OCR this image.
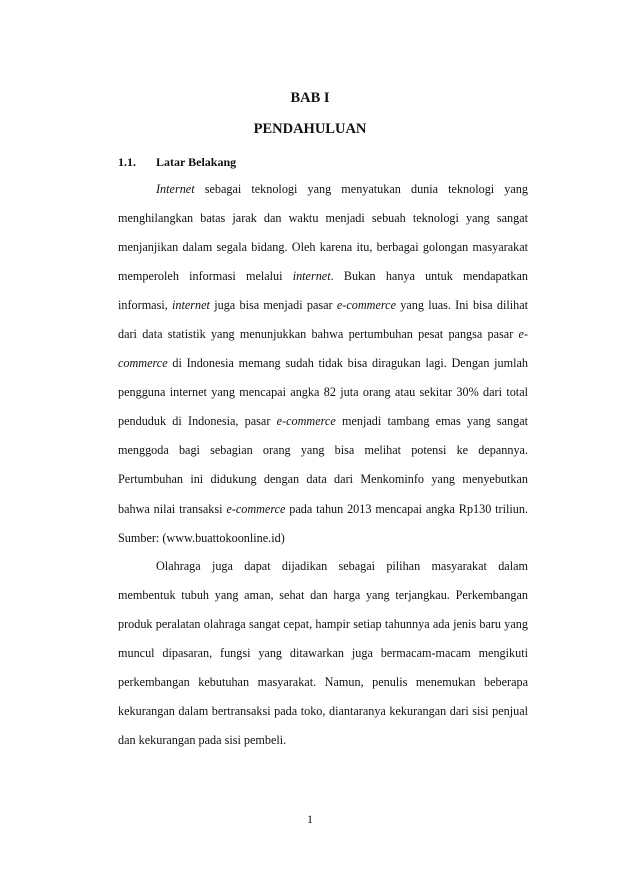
BAB I
PENDAHULUAN
1.1. Latar Belakang

Internet sebagai teknologi yang menyatukan dunia teknologi yang menghilangkan batas jarak dan waktu menjadi sebuah teknologi yang sangat menjanjikan dalam segala bidang. Oleh karena itu, berbagai golongan masyarakat memperoleh informasi melalui internet. Bukan hanya untuk mendapatkan informasi, internet juga bisa menjadi pasar e-commerce yang luas. Ini bisa dilihat dari data statistik yang menunjukkan bahwa pertumbuhan pesat pangsa pasar e-commerce di Indonesia memang sudah tidak bisa diragukan lagi. Dengan jumlah pengguna internet yang mencapai angka 82 juta orang atau sekitar 30% dari total penduduk di Indonesia, pasar e-commerce menjadi tambang emas yang sangat menggoda bagi sebagian orang yang bisa melihat potensi ke depannya. Pertumbuhan ini didukung dengan data dari Menkominfo yang menyebutkan bahwa nilai transaksi e-commerce pada tahun 2013 mencapai angka Rp130 triliun. Sumber: (www.buattokoonline.id)

Olahraga juga dapat dijadikan sebagai pilihan masyarakat dalam membentuk tubuh yang aman, sehat dan harga yang terjangkau. Perkembangan produk peralatan olahraga sangat cepat, hampir setiap tahunnya ada jenis baru yang muncul dipasaran, fungsi yang ditawarkan juga bermacam-macam mengikuti perkembangan kebutuhan masyarakat. Namun, penulis menemukan beberapa kekurangan dalam bertransaksi pada toko, diantaranya kekurangan dari sisi penjual dan kekurangan pada sisi pembeli.

1
